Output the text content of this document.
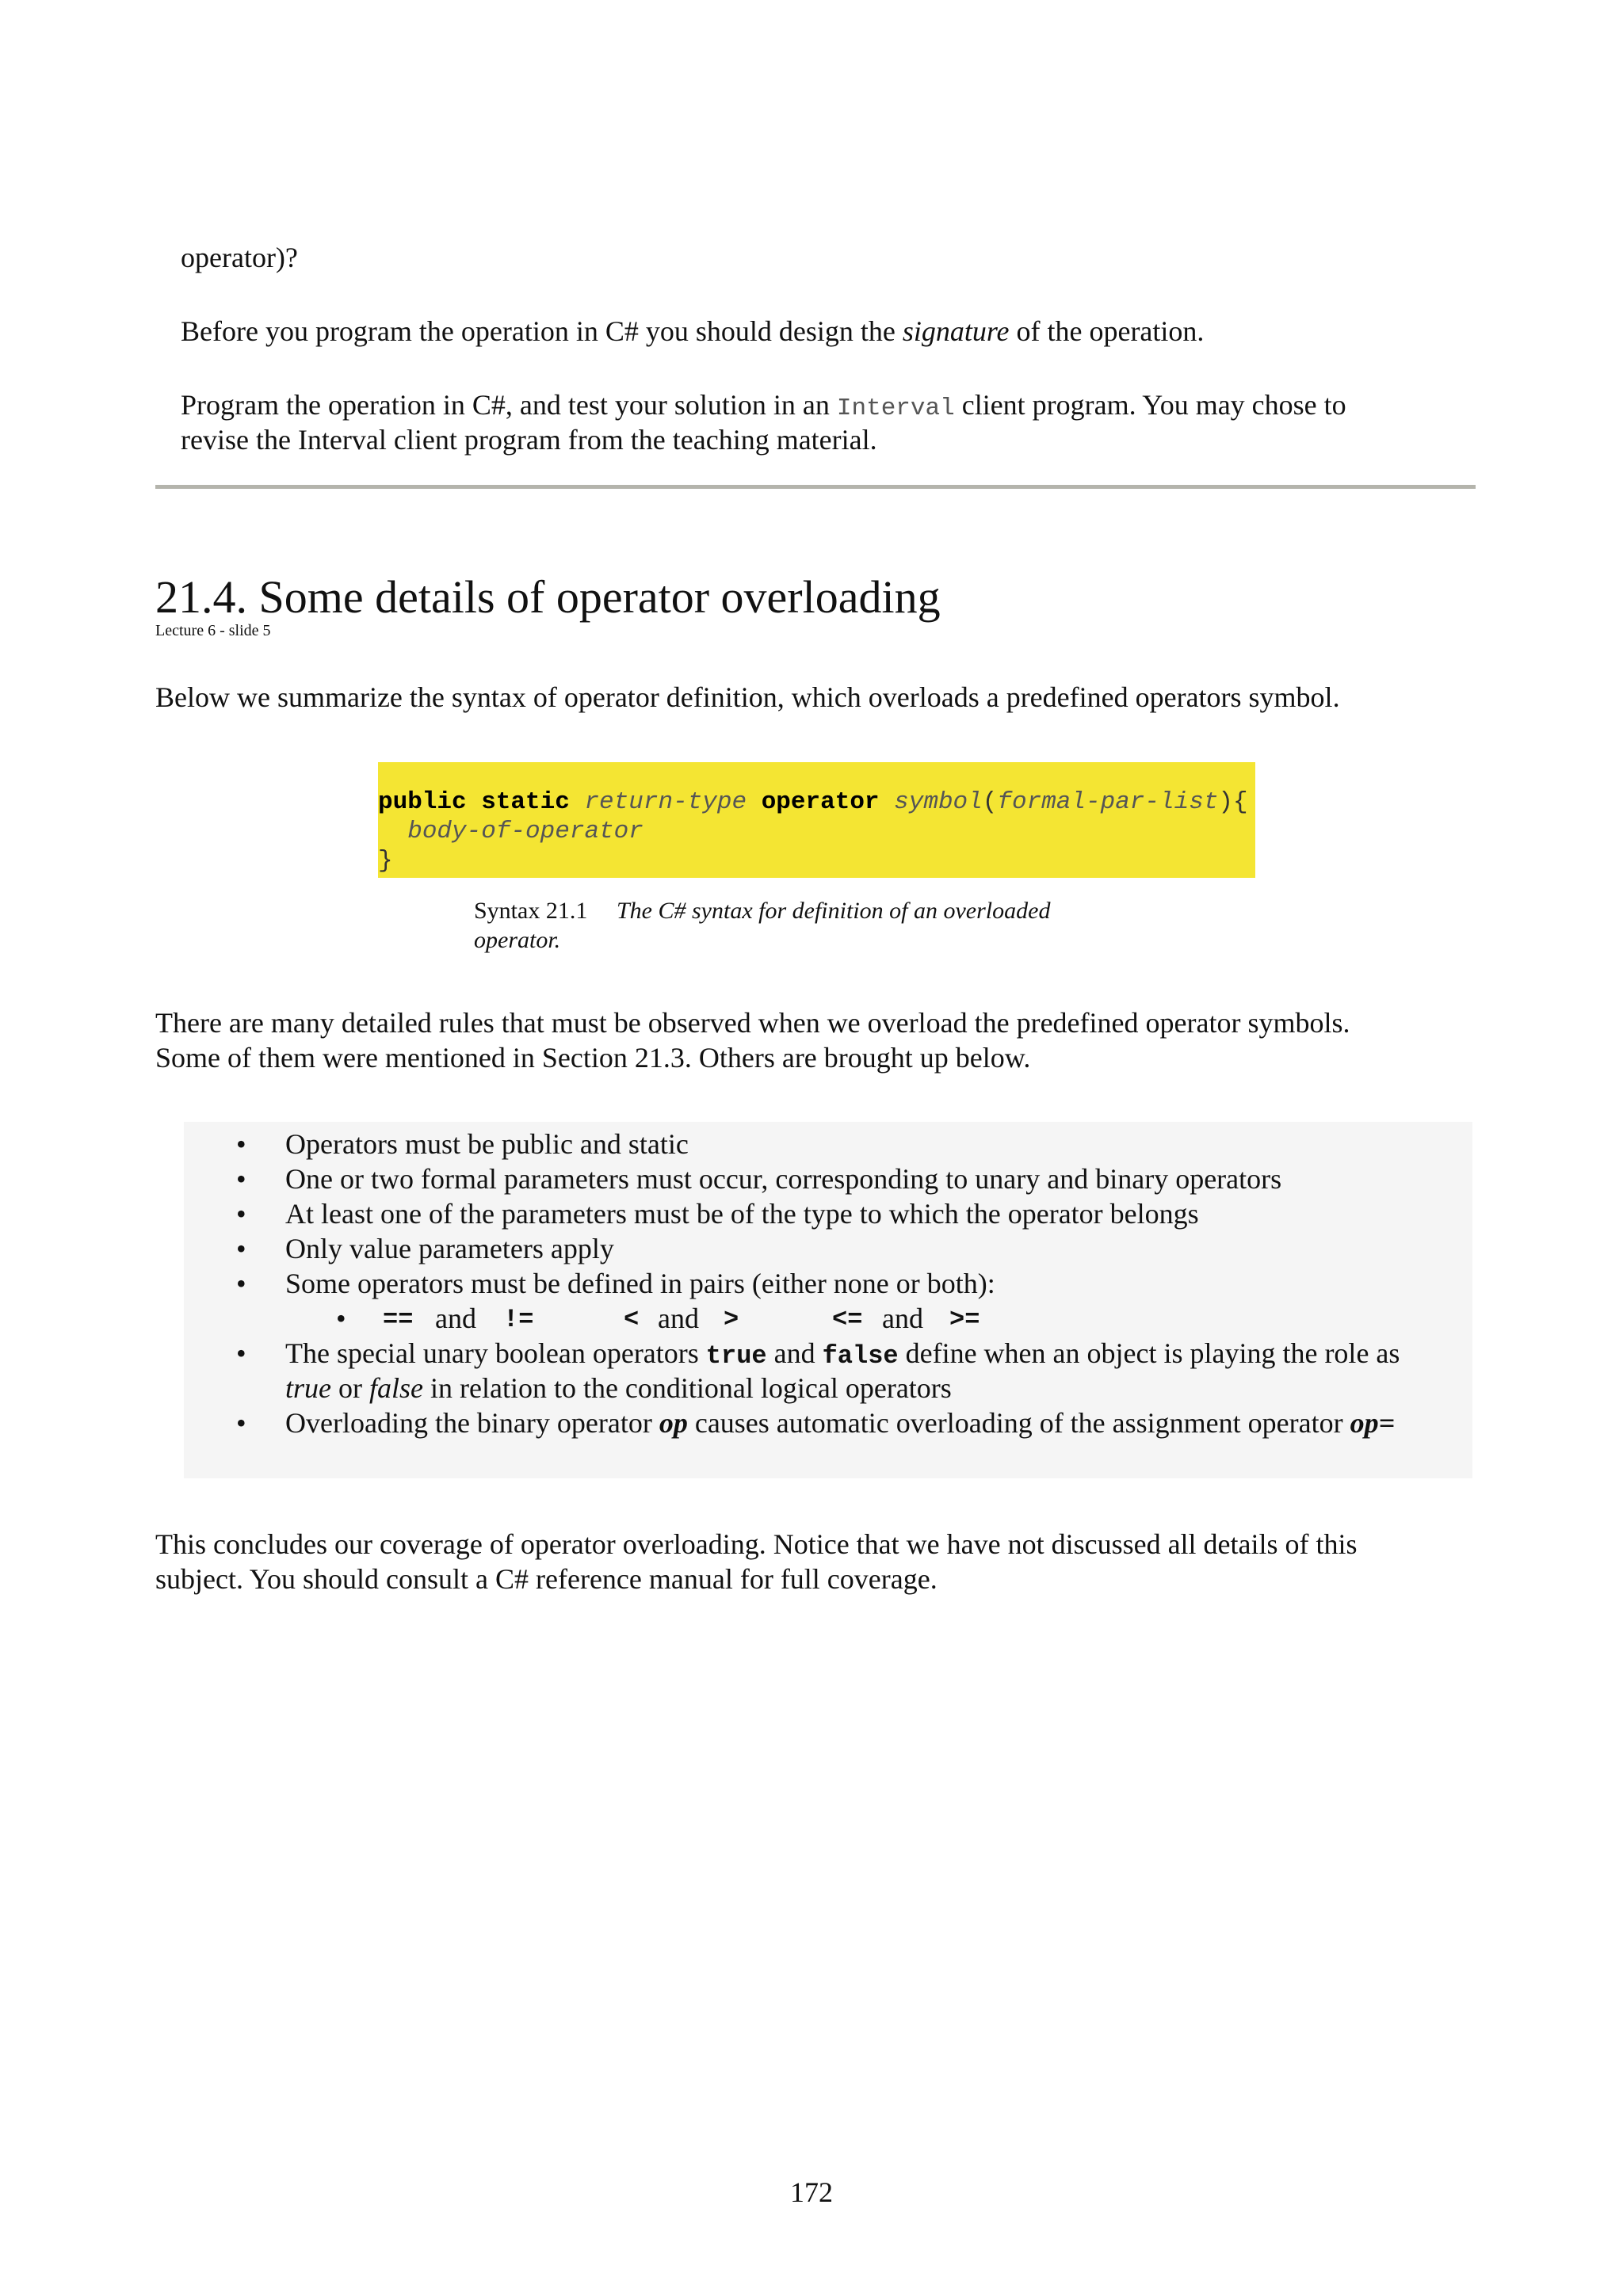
operator)?

Before you program the operation in C# you should design the signature of the operation.

Program the operation in C#, and test your solution in an Interval client program. You may chose to

revise the Interval client program from the teaching material.

21.4. Some details of operator overloading

Lecture 6 - slide 5

Below we summarize the syntax of operator definition, which overloads a predefined operators symbol.

public static return-type operator symbol(formal-par-list){
body-of-operator
}
Syntax 21.1 The C# syntax for definition of an overloaded
operator.

There are many detailed rules that must be observed when we overload the predefined operator symbols.

Some of them were mentioned in Section 21.3. Others are brought up below.

• Operators must be public and static
• One or two formal parameters must occur, corresponding to unary and binary operators
• At least one of the parameters must be of the type to which the operator belongs
• Only value parameters apply
• Some operators must be defined in pairs (either none or both):
• == and !=	< and >	<= and >=
• The special unary boolean operators true and false define when an object is playing the role as
true or false in relation to the conditional logical operators
• Overloading the binary operator op causes automatic overloading of the assignment operator op=

This concludes our coverage of operator overloading. Notice that we have not discussed all details of this

subject. You should consult a C# reference manual for full coverage.

172
